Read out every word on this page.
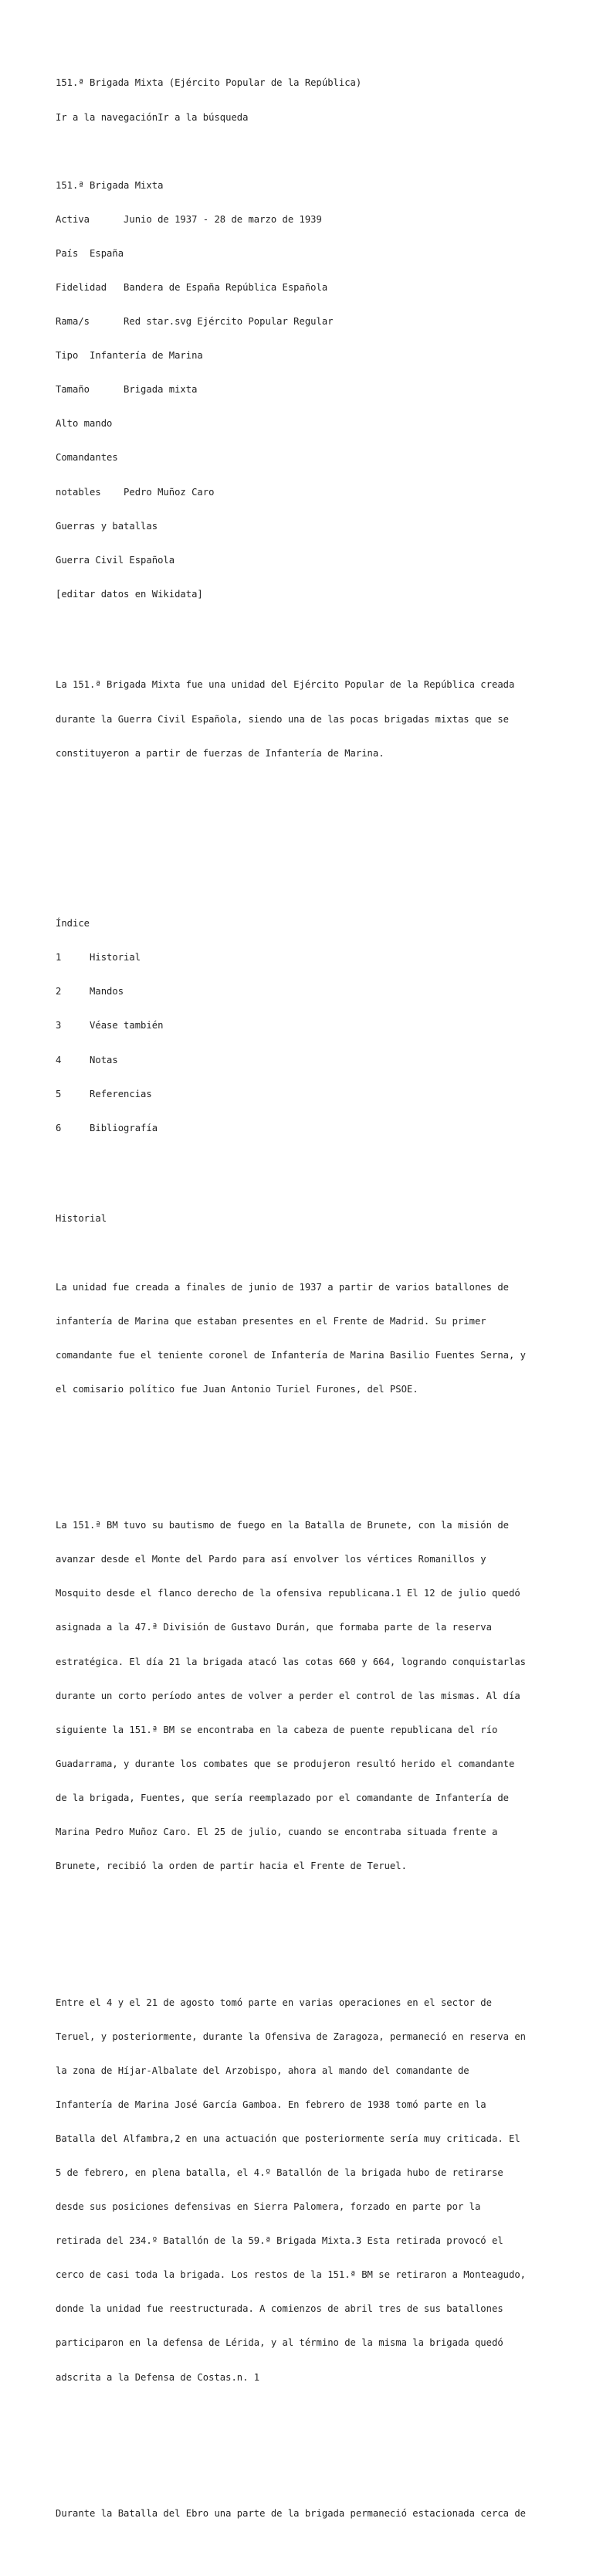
151.ª Brigada Mixta (Ejército Popular de la República)

Ir a la navegaciónIr a la búsqueda

151.ª Brigada Mixta

Activa      Junio de 1937 - 28 de marzo de 1939

País  España

Fidelidad   Bandera de España República Española

Rama/s      Red star.svg Ejército Popular Regular

Tipo  Infantería de Marina

Tamaño      Brigada mixta

Alto mando

Comandantes

notables    Pedro Muñoz Caro

Guerras y batallas

Guerra Civil Española

[editar datos en Wikidata]

La 151.ª Brigada Mixta fue una unidad del Ejército Popular de la República creada

durante la Guerra Civil Española, siendo una de las pocas brigadas mixtas que se

constituyeron a partir de fuerzas de Infantería de Marina.

Índice

1     Historial

2     Mandos

3     Véase también

4     Notas

5     Referencias

6     Bibliografía

Historial

La unidad fue creada a finales de junio de 1937 a partir de varios batallones de

infantería de Marina que estaban presentes en el Frente de Madrid. Su primer

comandante fue el teniente coronel de Infantería de Marina Basilio Fuentes Serna, y

el comisario político fue Juan Antonio Turiel Furones, del PSOE.

La 151.ª BM tuvo su bautismo de fuego en la Batalla de Brunete, con la misión de

avanzar desde el Monte del Pardo para así envolver los vértices Romanillos y

Mosquito desde el flanco derecho de la ofensiva republicana.1 El 12 de julio quedó

asignada a la 47.ª División de Gustavo Durán, que formaba parte de la reserva

estratégica. El día 21 la brigada atacó las cotas 660 y 664, logrando conquistarlas

durante un corto período antes de volver a perder el control de las mismas. Al día

siguiente la 151.ª BM se encontraba en la cabeza de puente republicana del río

Guadarrama, y durante los combates que se produjeron resultó herido el comandante

de la brigada, Fuentes, que sería reemplazado por el comandante de Infantería de

Marina Pedro Muñoz Caro. El 25 de julio, cuando se encontraba situada frente a

Brunete, recibió la orden de partir hacia el Frente de Teruel.

Entre el 4 y el 21 de agosto tomó parte en varias operaciones en el sector de

Teruel, y posteriormente, durante la Ofensiva de Zaragoza, permaneció en reserva en

la zona de Híjar-Albalate del Arzobispo, ahora al mando del comandante de

Infantería de Marina José García Gamboa. En febrero de 1938 tomó parte en la

Batalla del Alfambra,2 en una actuación que posteriormente sería muy criticada. El

5 de febrero, en plena batalla, el 4.º Batallón de la brigada hubo de retirarse

desde sus posiciones defensivas en Sierra Palomera, forzado en parte por la

retirada del 234.º Batallón de la 59.ª Brigada Mixta.3 Esta retirada provocó el

cerco de casi toda la brigada. Los restos de la 151.ª BM se retiraron a Monteagudo,

donde la unidad fue reestructurada. A comienzos de abril tres de sus batallones

participaron en la defensa de Lérida, y al término de la misma la brigada quedó

adscrita a la Defensa de Costas.n. 1

Durante la Batalla del Ebro una parte de la brigada permaneció estacionada cerca de
